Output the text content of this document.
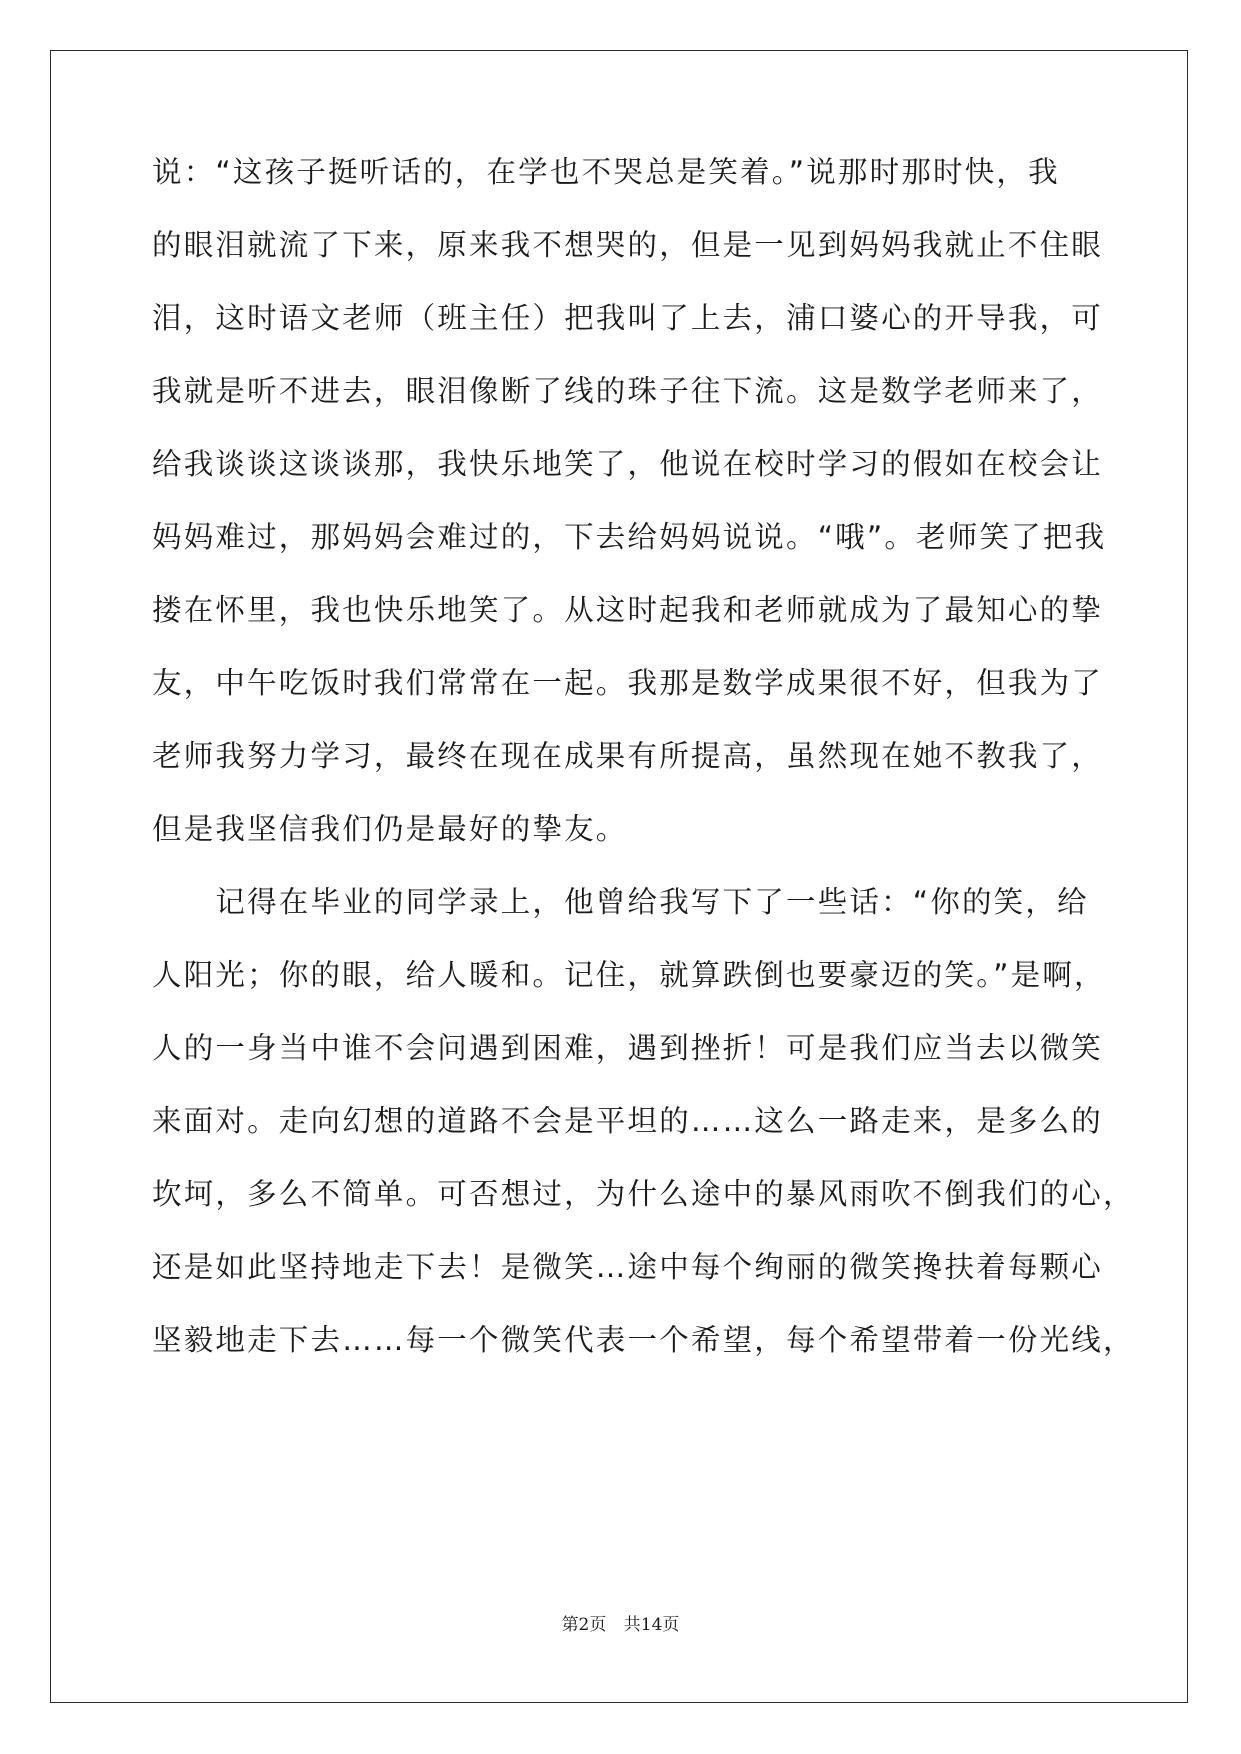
说：“这孩子挺听话的，在学也不哭总是笑着。”说那时那时快，我
的眼泪就流了下来，原来我不想哭的，但是一见到妈妈我就止不住眼
泪，这时语文老师（班主任）把我叫了上去，浦口婆心的开导我，可
我就是听不进去，眼泪像断了线的珠子往下流。这是数学老师来了，
给我谈谈这谈谈那，我快乐地笑了，他说在校时学习的假如在校会让
妈妈难过，那妈妈会难过的，下去给妈妈说说。“哦”。老师笑了把我
搂在怀里，我也快乐地笑了。从这时起我和老师就成为了最知心的挚
友，中午吃饭时我们常常在一起。我那是数学成果很不好，但我为了
老师我努力学习，最终在现在成果有所提高，虽然现在她不教我了，
但是我坚信我们仍是最好的挚友。
　　记得在毕业的同学录上，他曾给我写下了一些话：“你的笑，给
人阳光；你的眼，给人暖和。记住，就算跌倒也要豪迈的笑。”是啊，
人的一身当中谁不会问遇到困难，遇到挫折！可是我们应当去以微笑
来面对。走向幻想的道路不会是平坦的……这么一路走来，是多么的
坎坷，多么不简单。可否想过，为什么途中的暴风雨吹不倒我们的心，
还是如此坚持地走下去！是微笑…途中每个绚丽的微笑搀扶着每颗心
坚毅地走下去……每一个微笑代表一个希望，每个希望带着一份光线，
第2页 共14页
